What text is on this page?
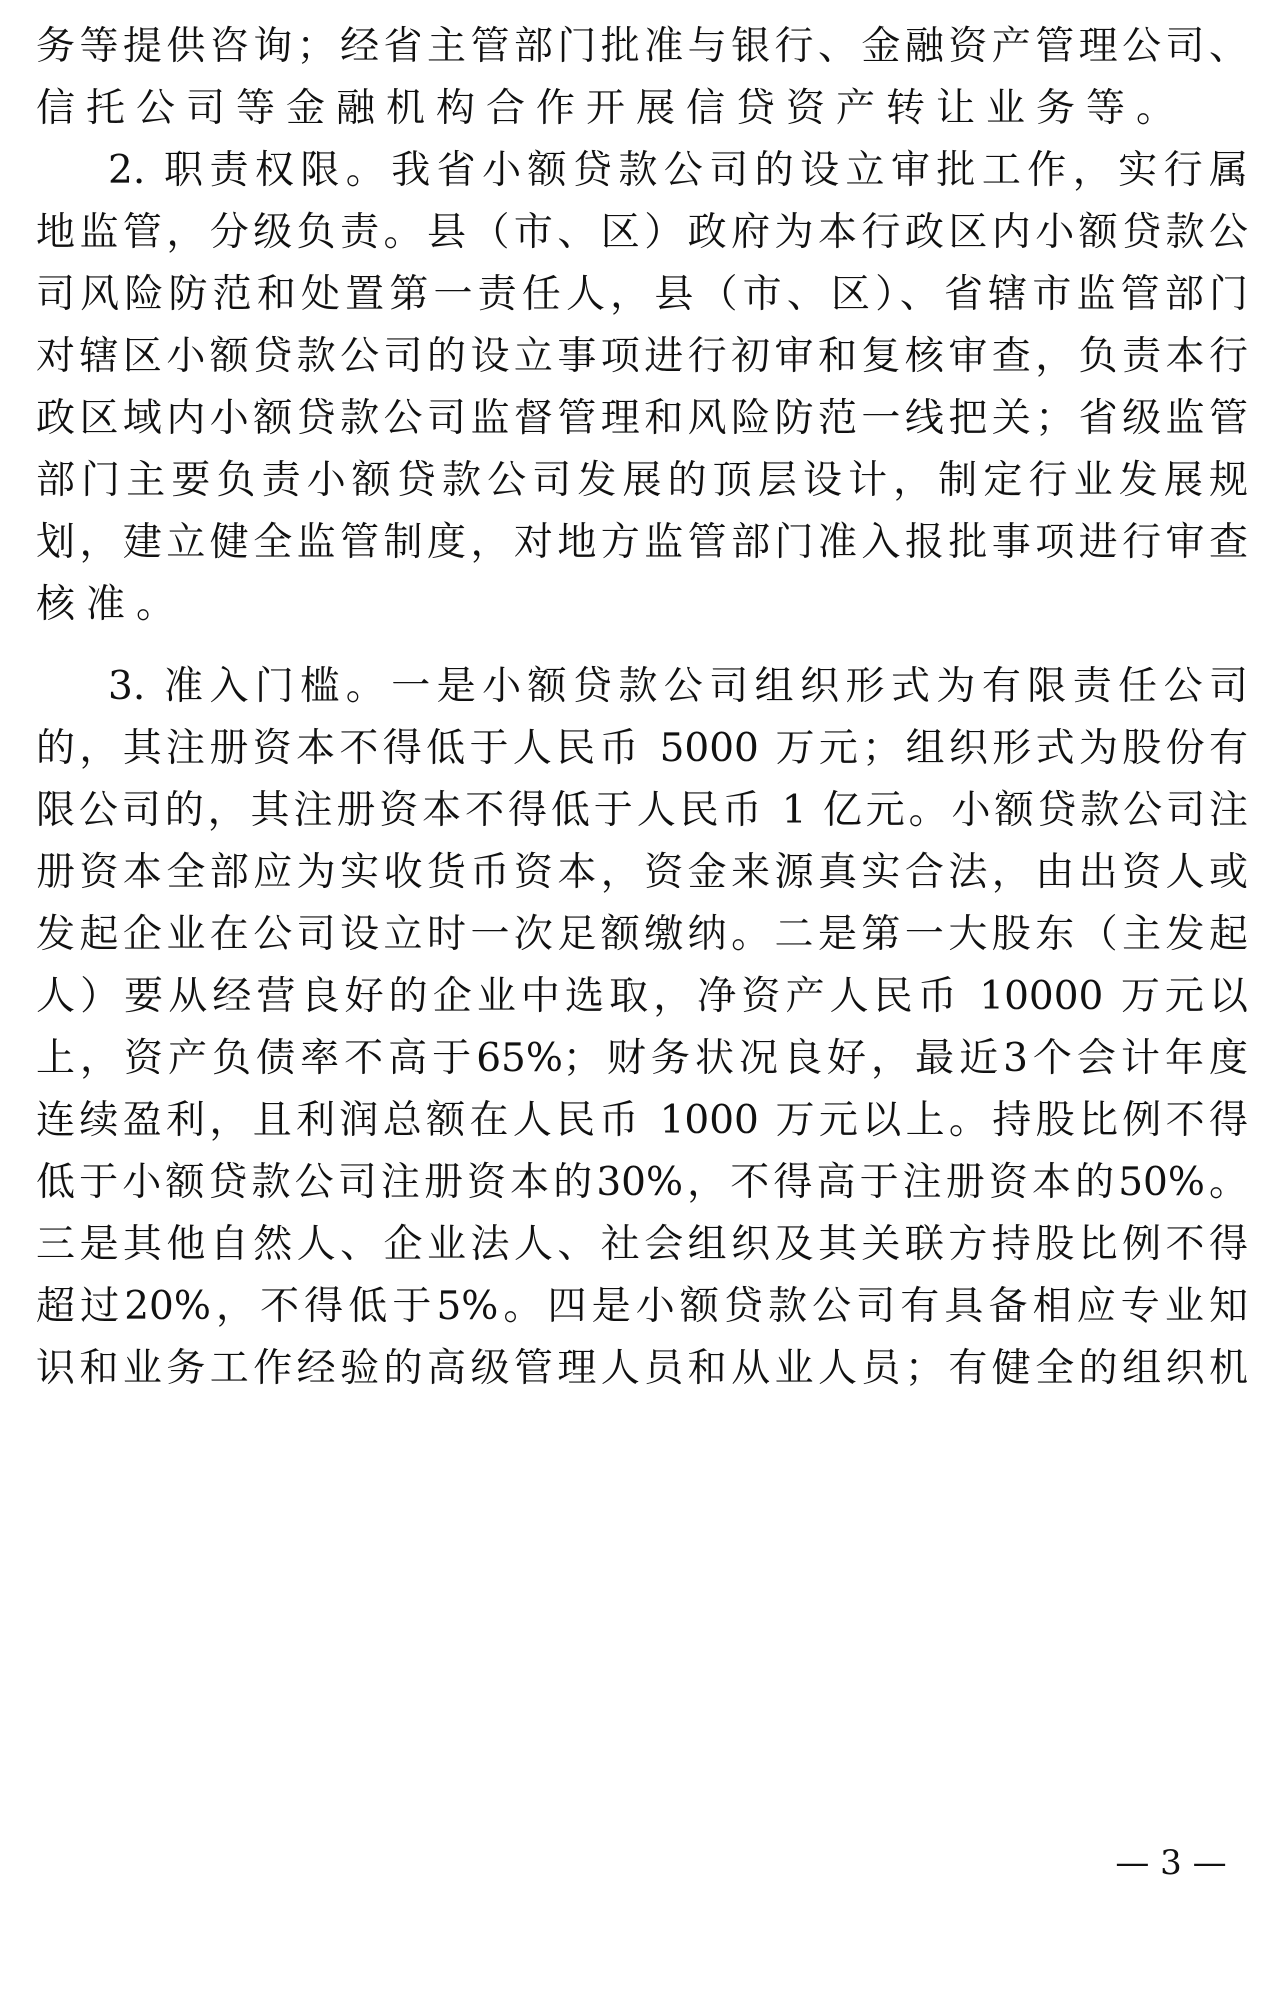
务等提供咨询；经省主管部门批准与银行、金融资产管理公司、
信托公司等金融机构合作开展信贷资产转让业务等。
2. 职责权限。我省小额贷款公司的设立审批工作，实行属
地监管，分级负责。县（市、区）政府为本行政区内小额贷款公
司风险防范和处置第一责任人，县（市、区）、省辖市监管部门
对辖区小额贷款公司的设立事项进行初审和复核审查，负责本行
政区域内小额贷款公司监督管理和风险防范一线把关；省级监管
部门主要负责小额贷款公司发展的顶层设计，制定行业发展规
划，建立健全监管制度，对地方监管部门准入报批事项进行审查
核准。
3. 准入门槛。一是小额贷款公司组织形式为有限责任公司
的，其注册资本不得低于人民币 5000 万元；组织形式为股份有
限公司的，其注册资本不得低于人民币 1 亿元。小额贷款公司注
册资本全部应为实收货币资本，资金来源真实合法，由出资人或
发起企业在公司设立时一次足额缴纳。二是第一大股东（主发起
人）要从经营良好的企业中选取，净资产人民币 10000 万元以
上，资产负债率不高于65%；财务状况良好，最近3个会计年度
连续盈利，且利润总额在人民币 1000 万元以上。持股比例不得
低于小额贷款公司注册资本的30%，不得高于注册资本的50%。
三是其他自然人、企业法人、社会组织及其关联方持股比例不得
超过20%，不得低于5%。四是小额贷款公司有具备相应专业知
识和业务工作经验的高级管理人员和从业人员；有健全的组织机
— 3 —
